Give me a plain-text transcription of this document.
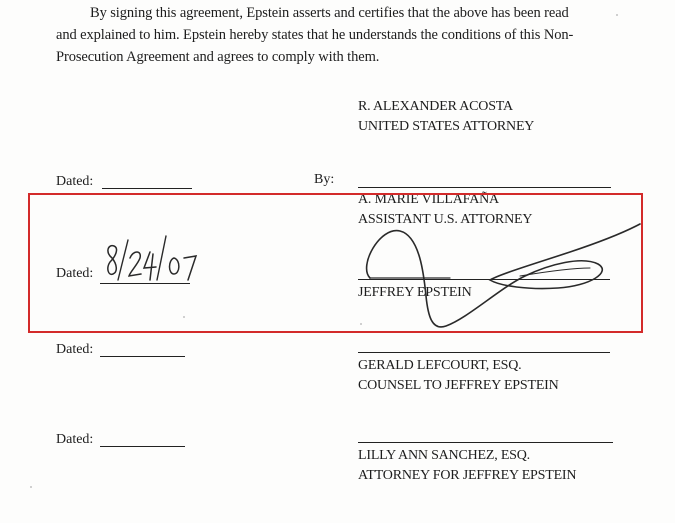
By signing this agreement, Epstein asserts and certifies that the above has been read
and explained to him. Epstein hereby states that he understands the conditions of this Non-
Prosecution Agreement and agrees to comply with them.
R. ALEXANDER ACOSTA
UNITED STATES ATTORNEY
Dated:	By:
A. MARIE VILLAFAÑA
ASSISTANT U.S. ATTORNEY
Dated:
JEFFREY EPSTEIN
Dated:
GERALD LEFCOURT, ESQ.
COUNSEL TO JEFFREY EPSTEIN
Dated:
LILLY ANN SANCHEZ, ESQ.
ATTORNEY FOR JEFFREY EPSTEIN
